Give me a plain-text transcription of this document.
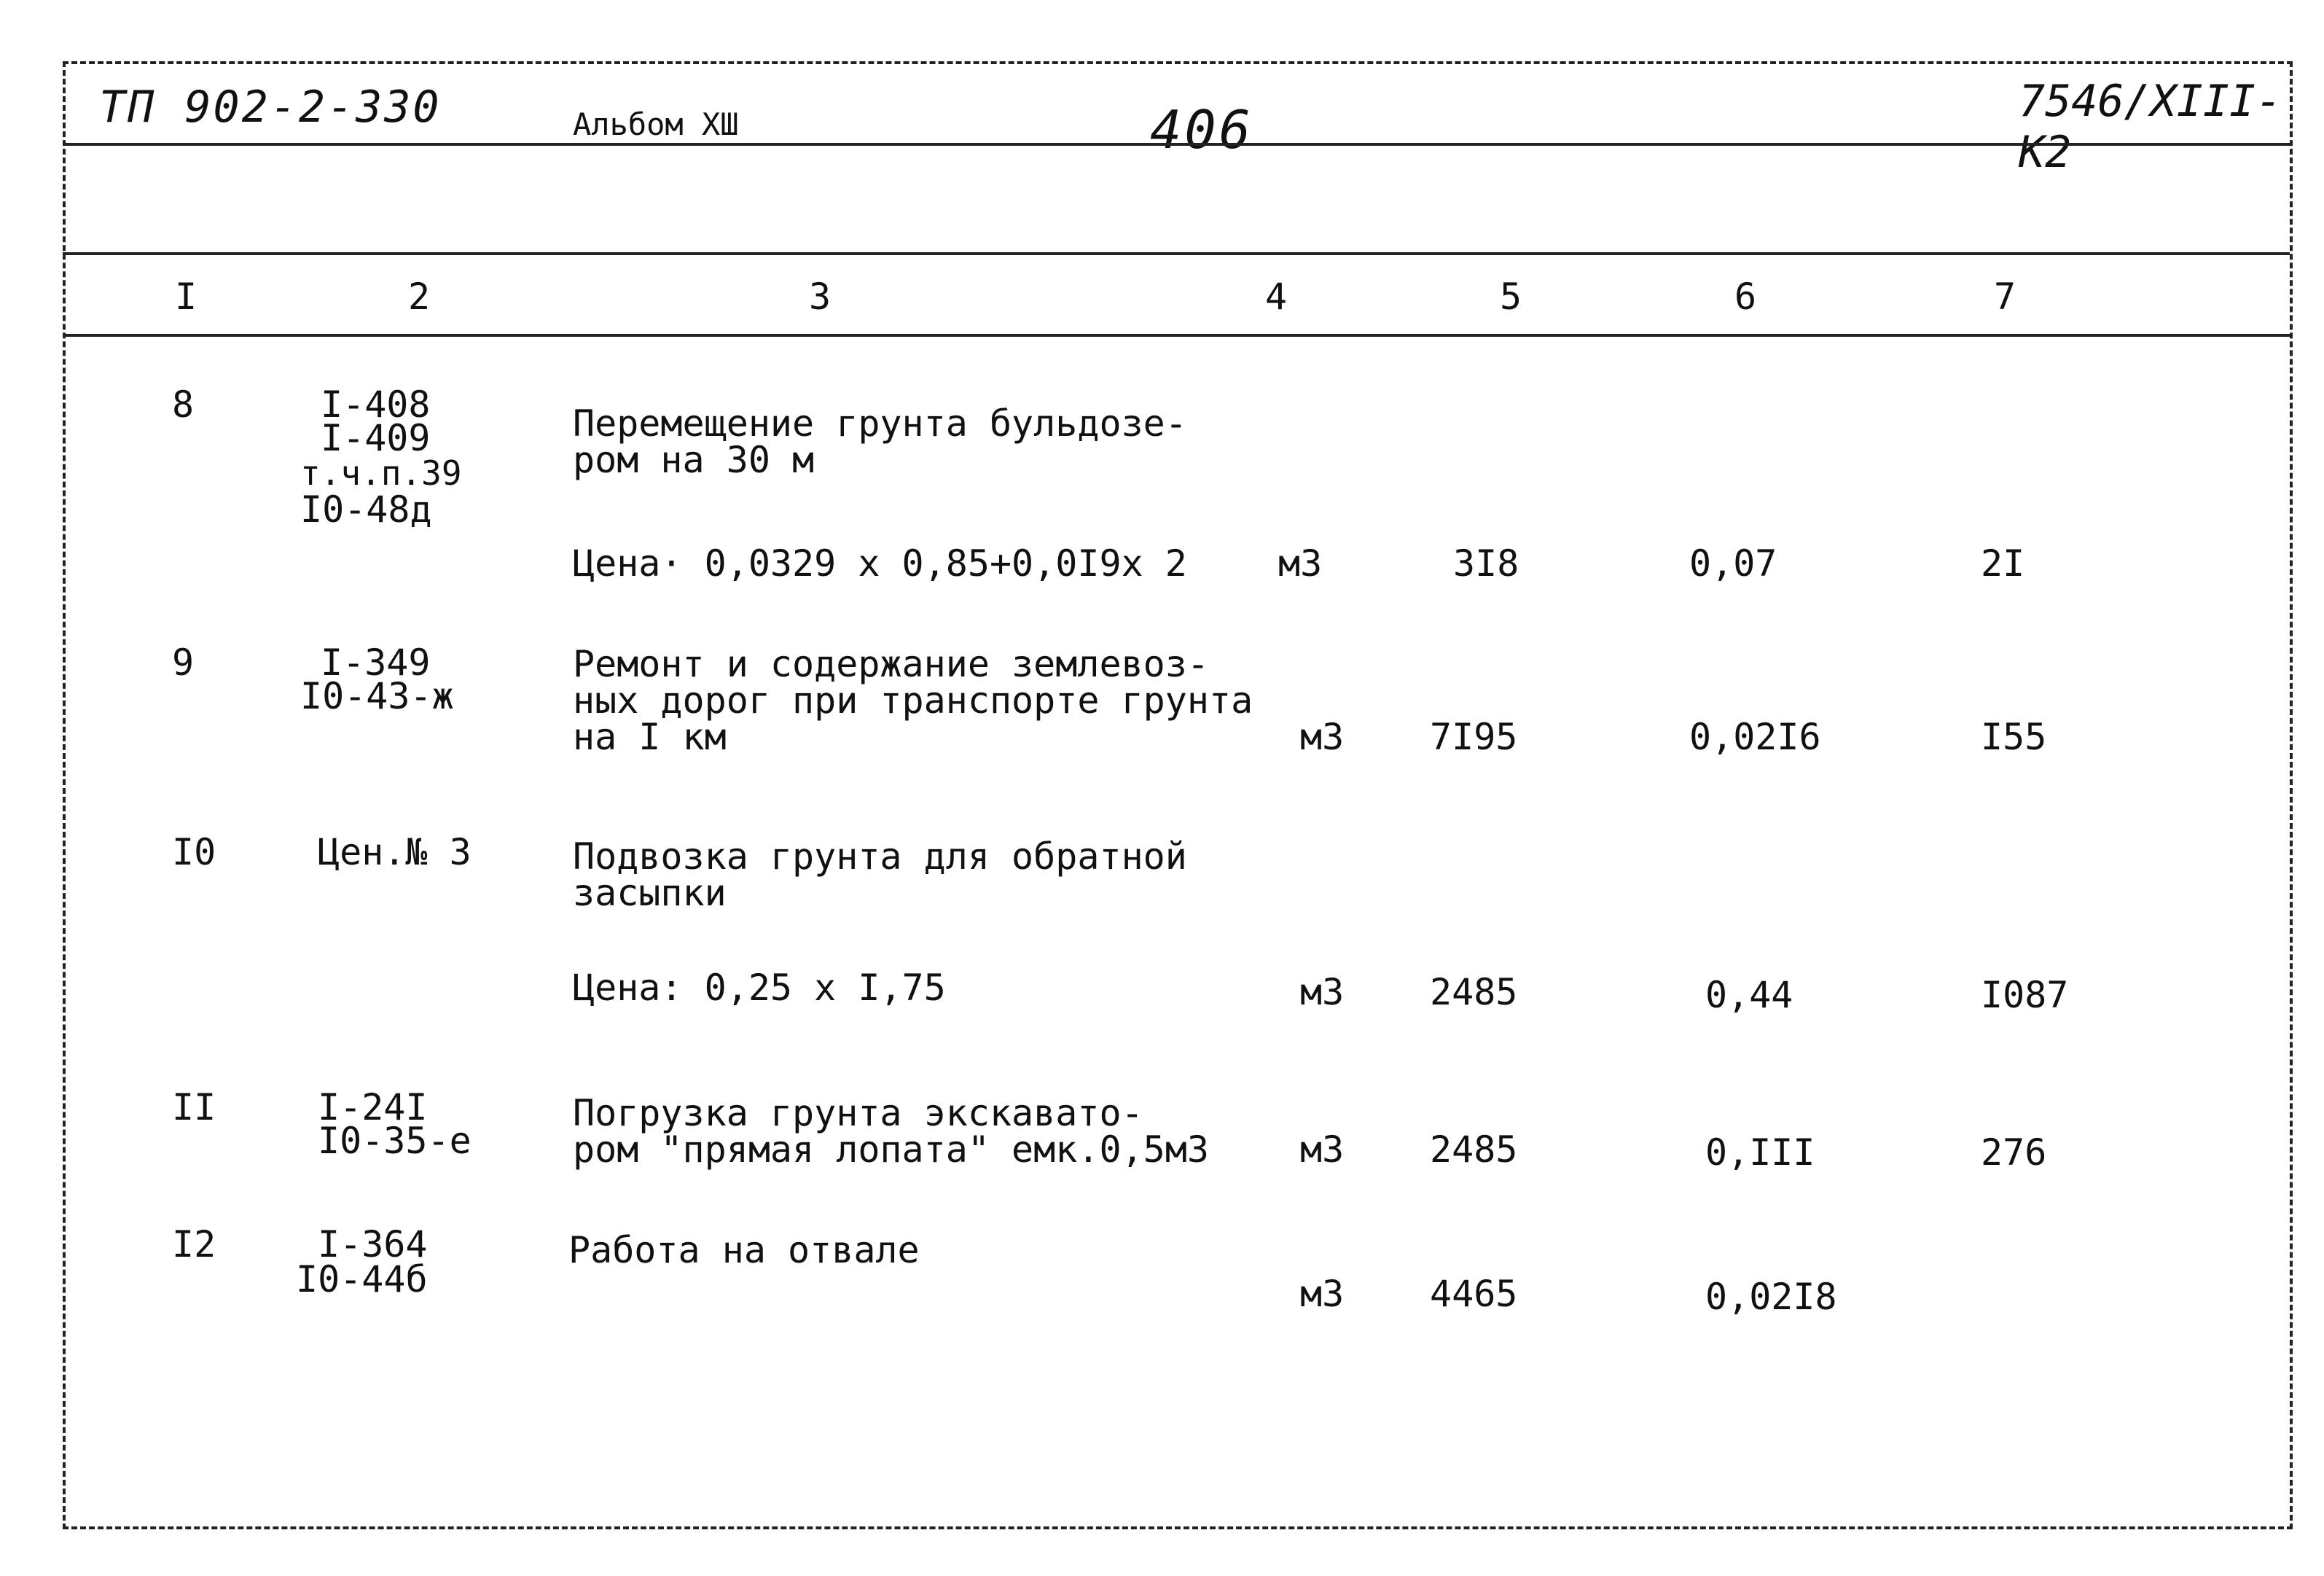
ТП 902-2-330	Альбом XШ	406	7546/XIII-K2
I	2	3	4	5	6	7
8	I-408
I-409
т.ч.п.39
I0-48д
Перемещение грунта бульдозе-
ром на 30 м
Цена· 0,0329 х 0,85+0,0I9х 2	м3	3I8	0,07	2I
9	I-349
I0-43-ж
Ремонт и содержание землевоз-
ных дорог при транспорте грунта
на I км	м3 7I95	0,02I6	I55
I0	Цен.№ 3	Подвозка грунта для обратной
засыпки
Цена: 0,25 х I,75	м3 2485	0,44	I087
II	I-24I
I0-35-е
Погрузка грунта экскавато-
ром "прямая лопата" емк.0,5м3	м3 2485	0,III	276
I2	I-364
I0-44б
Работа на отвале
м3 4465	0,02I8
